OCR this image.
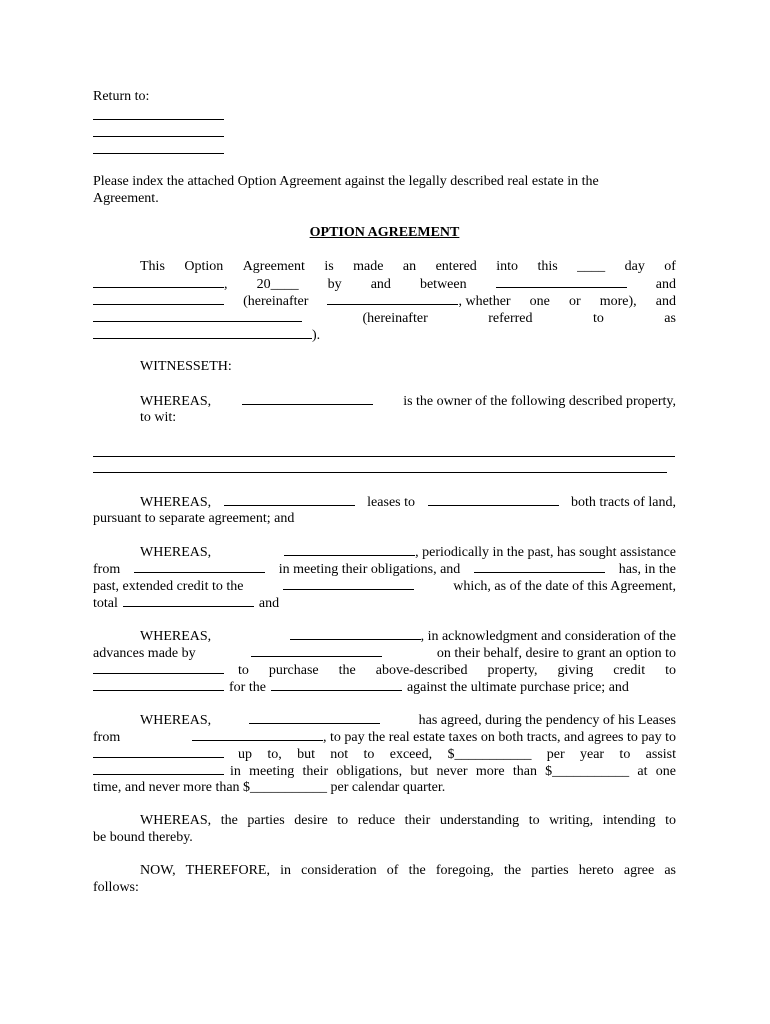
Return to:
Please index the attached Option Agreement against the legally described real estate in the
Agreement.
OPTION AGREEMENT
This Option Agreement is made an entered into this ____ day of
, 20____ by and between	and
(hereinafter	, whether one or more), and
(hereinafter	referred	to	as
).
WITNESSETH:
WHEREAS,	is the owner of the following described property,
to wit:
WHEREAS,	leases to	both tracts of land,
pursuant to separate agreement; and
WHEREAS,	, periodically in the past, has sought assistance
from	in meeting their obligations, and	has, in the
past, extended credit to the	which, as of the date of this Agreement,
total	and
WHEREAS,	, in acknowledgment and consideration of the
advances made by	on their behalf, desire to grant an option to
to purchase the above-described property, giving credit to
for the	against the ultimate purchase price; and
WHEREAS,	has agreed, during the pendency of his Leases
from	, to pay the real estate taxes on both tracts, and agrees to pay to
up to, but not to exceed, $___________ per year to assist
in meeting their obligations, but never more than $___________ at one
time, and never more than $___________ per calendar quarter.
WHEREAS, the parties desire to reduce their understanding to writing, intending to
be bound thereby.
NOW, THEREFORE, in consideration of the foregoing, the parties hereto agree as
follows:
